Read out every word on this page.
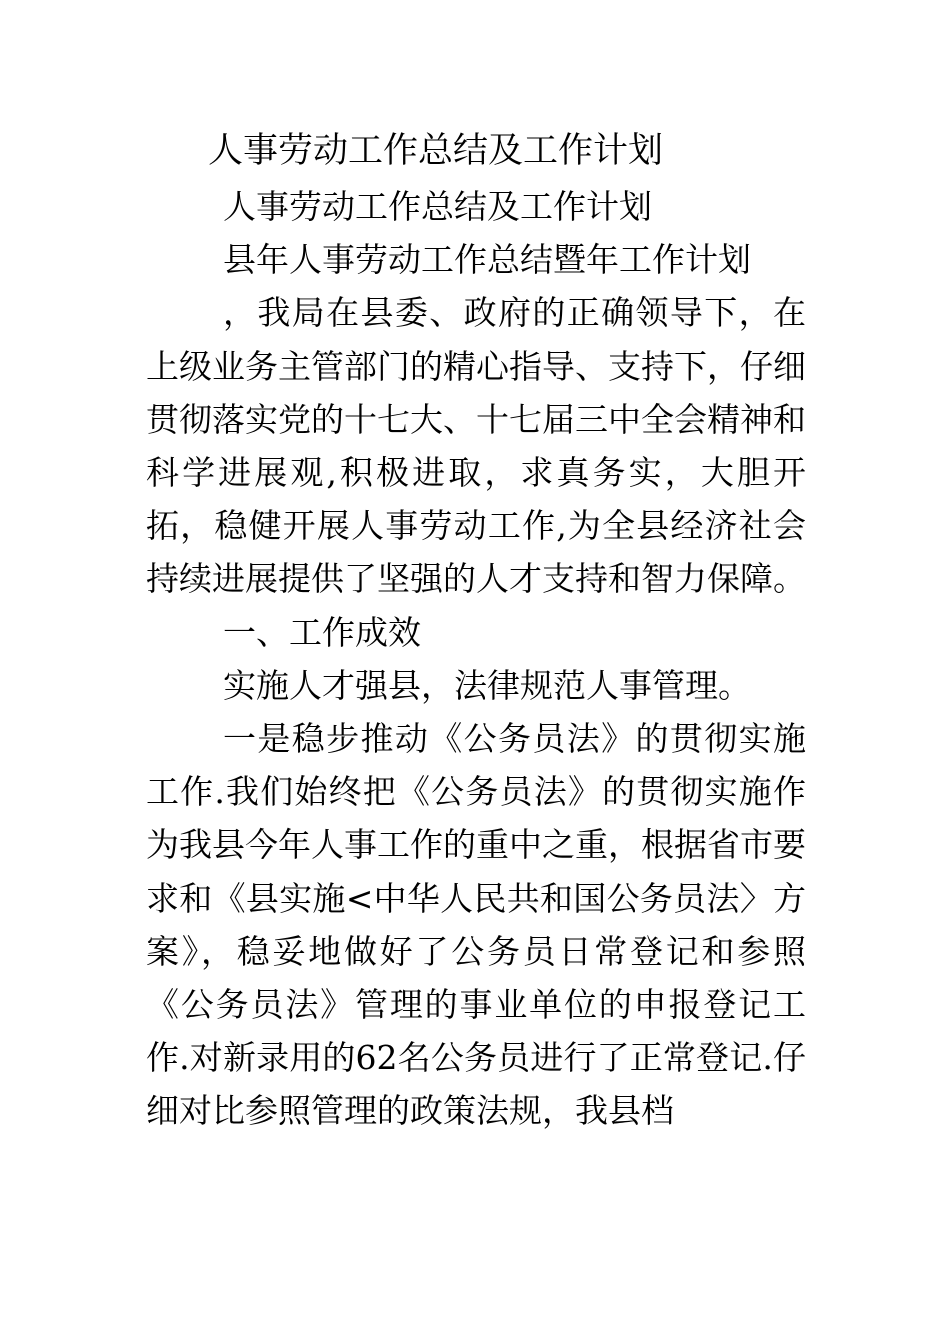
人事劳动工作总结及工作计划

人事劳动工作总结及工作计划

县年人事劳动工作总结暨年工作计划

，我局在县委、政府的正确领导下，在上级业务主管部门的精心指导、支持下，仔细贯彻落实党的十七大、十七届三中全会精神和科学进展观,积极进取，求真务实，大胆开拓，稳健开展人事劳动工作,为全县经济社会持续进展提供了坚强的人才支持和智力保障。

一、工作成效

实施人才强县，法律规范人事管理。

一是稳步推动《公务员法》的贯彻实施工作.我们始终把《公务员法》的贯彻实施作为我县今年人事工作的重中之重，根据省市要求和《县实施<中华人民共和国公务员法〉方案》，稳妥地做好了公务员日常登记和参照《公务员法》管理的事业单位的申报登记工作.对新录用的62名公务员进行了正常登记.仔细对比参照管理的政策法规，我县档
